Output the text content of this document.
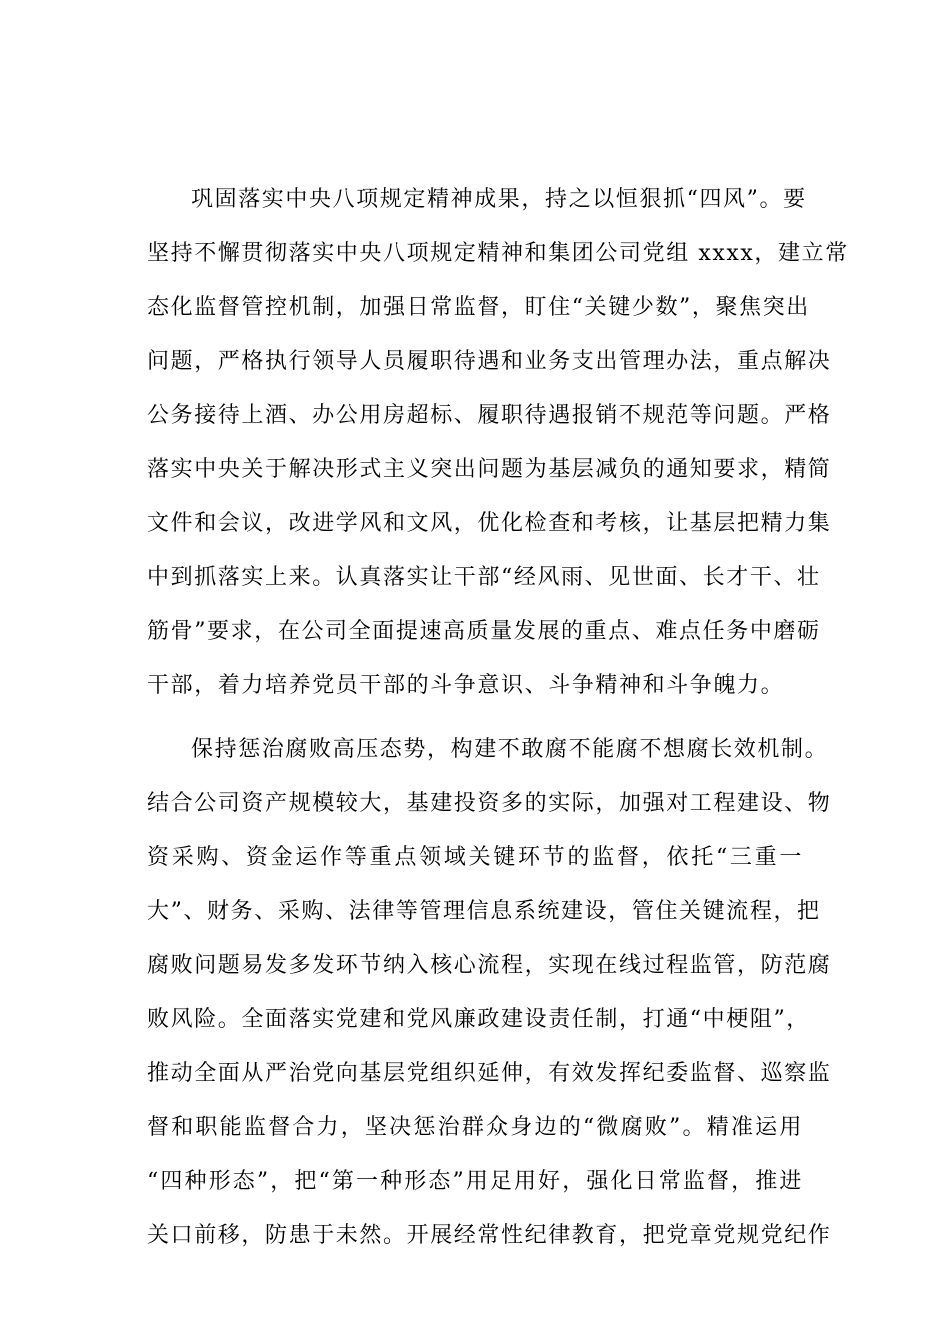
巩固落实中央八项规定精神成果，持之以恒狠抓“四风”。要
坚持不懈贯彻落实中央八项规定精神和集团公司党组 xxxx，建立常
态化监督管控机制，加强日常监督，盯住“关键少数”，聚焦突出
问题，严格执行领导人员履职待遇和业务支出管理办法，重点解决
公务接待上酒、办公用房超标、履职待遇报销不规范等问题。严格
落实中央关于解决形式主义突出问题为基层减负的通知要求，精简
文件和会议，改进学风和文风，优化检查和考核，让基层把精力集
中到抓落实上来。认真落实让干部“经风雨、见世面、长才干、壮
筋骨”要求，在公司全面提速高质量发展的重点、难点任务中磨砺
干部，着力培养党员干部的斗争意识、斗争精神和斗争魄力。
保持惩治腐败高压态势，构建不敢腐不能腐不想腐长效机制。
结合公司资产规模较大，基建投资多的实际，加强对工程建设、物
资采购、资金运作等重点领域关键环节的监督，依托“三重一
大”、财务、采购、法律等管理信息系统建设，管住关键流程，把
腐败问题易发多发环节纳入核心流程，实现在线过程监管，防范腐
败风险。全面落实党建和党风廉政建设责任制，打通“中梗阻”，
推动全面从严治党向基层党组织延伸，有效发挥纪委监督、巡察监
督和职能监督合力，坚决惩治群众身边的“微腐败”。精准运用
“四种形态”，把“第一种形态”用足用好，强化日常监督，推进
关口前移，防患于未然。开展经常性纪律教育，把党章党规党纪作
